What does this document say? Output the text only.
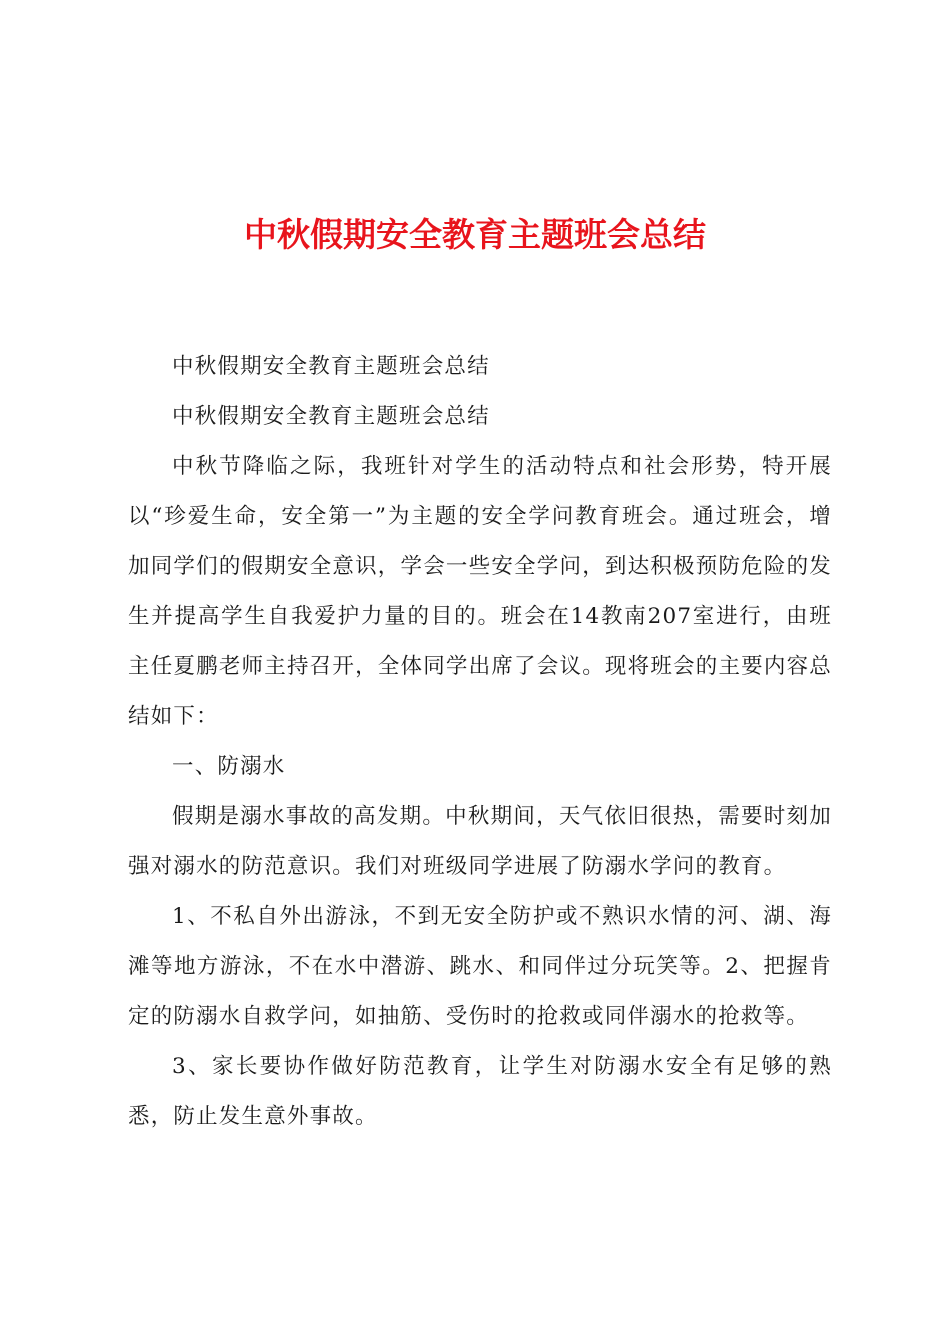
中秋假期安全教育主题班会总结

中秋假期安全教育主题班会总结

中秋假期安全教育主题班会总结

中秋节降临之际，我班针对学生的活动特点和社会形势，特开展以“珍爱生命，安全第一”为主题的安全学问教育班会。通过班会，增加同学们的假期安全意识，学会一些安全学问，到达积极预防危险的发生并提高学生自我爱护力量的目的。班会在14教南207室进行，由班主任夏鹏老师主持召开，全体同学出席了会议。现将班会的主要内容总结如下：

一、防溺水

假期是溺水事故的高发期。中秋期间，天气依旧很热，需要时刻加强对溺水的防范意识。我们对班级同学进展了防溺水学问的教育。

1、不私自外出游泳，不到无安全防护或不熟识水情的河、湖、海滩等地方游泳，不在水中潜游、跳水、和同伴过分玩笑等。2、把握肯定的防溺水自救学问，如抽筋、受伤时的抢救或同伴溺水的抢救等。

3、家长要协作做好防范教育，让学生对防溺水安全有足够的熟悉，防止发生意外事故。
